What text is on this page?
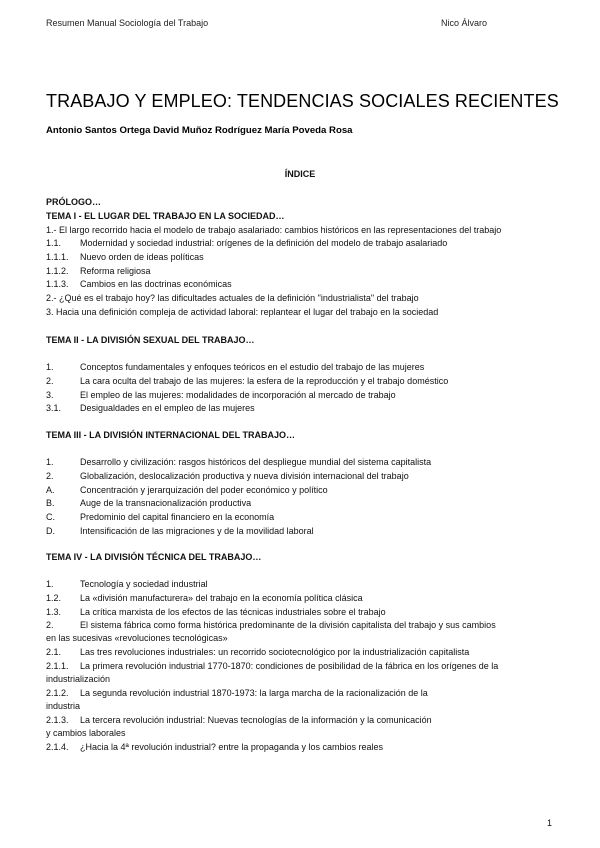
Resumen Manual Sociología del Trabajo	Nico Álvaro
TRABAJO Y EMPLEO: TENDENCIAS SOCIALES RECIENTES
Antonio Santos Ortega David Muñoz Rodríguez María Poveda Rosa
ÍNDICE
PRÓLOGO…
TEMA I - EL LUGAR DEL TRABAJO EN LA SOCIEDAD…
1.- El largo recorrido hacia el modelo de trabajo asalariado: cambios históricos en las representaciones del trabajo
1.1. Modernidad y sociedad industrial: orígenes de la definición del modelo de trabajo asalariado
1.1.1. Nuevo orden de ideas políticas
1.1.2. Reforma religiosa
1.1.3. Cambios en las doctrinas económicas
2.- ¿Qué es el trabajo hoy? las dificultades actuales de la definición "industrialista" del trabajo
3. Hacia una definición compleja de actividad laboral: replantear el lugar del trabajo en la sociedad
TEMA II - LA DIVISIÓN SEXUAL DEL TRABAJO…
1.	Conceptos fundamentales y enfoques teóricos en el estudio del trabajo de las mujeres
2.	La cara oculta del trabajo de las mujeres: la esfera de la reproducción y el trabajo doméstico
3.	El empleo de las mujeres: modalidades de incorporación al mercado de trabajo
3.1. Desigualdades en el empleo de las mujeres
TEMA III - LA DIVISIÓN INTERNACIONAL DEL TRABAJO…
1.	Desarrollo y civilización: rasgos históricos del despliegue mundial del sistema capitalista
2.	Globalización, deslocalización productiva y nueva división internacional del trabajo
A.	Concentración y jerarquización del poder económico y político
B.	Auge de la transnacionalización productiva
C.	Predominio del capital financiero en la economía
D.	Intensificación de las migraciones y de la movilidad laboral
TEMA IV - LA DIVISIÓN TÉCNICA DEL TRABAJO…
1.	Tecnología y sociedad industrial
1.2. La «división manufacturera» del trabajo en la economía política clásica
1.3. La crítica marxista de los efectos de las técnicas industriales sobre el trabajo
2.	El sistema fábrica como forma histórica predominante de la división capitalista del trabajo y sus cambios
en las sucesivas «revoluciones tecnológicas»
2.1. Las tres revoluciones industriales: un recorrido sociotecnológico por la industrialización capitalista
2.1.1. La primera revolución industrial 1770-1870: condiciones de posibilidad de la fábrica en los orígenes de la
industrialización
2.1.2. La segunda revolución industrial 1870-1973: la larga marcha de la racionalización de la
industria
2.1.3. La tercera revolución industrial: Nuevas tecnologías de la información y la comunicación
y cambios laborales
2.1.4. ¿Hacia la 4ª revolución industrial? entre la propaganda y los cambios reales
1
